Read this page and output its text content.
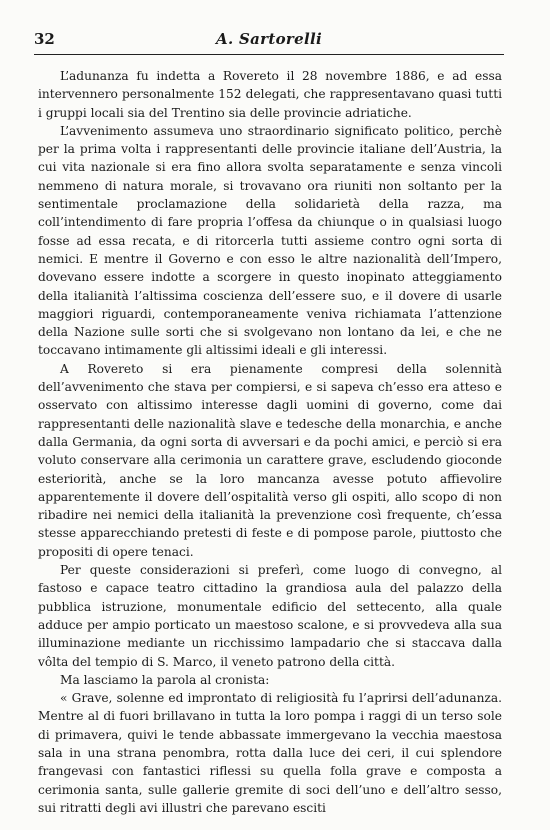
32	A. Sartorelli

L’adunanza fu indetta a Rovereto il 28 novembre 1886, e ad essa intervennero personalmente 152 delegati, che rappresentavano quasi tutti i gruppi locali sia del Trentino sia delle provincie adriatiche.

L’avvenimento assumeva uno straordinario significato politico, perchè per la prima volta i rappresentanti delle provincie italiane dell’Austria, la cui vita nazionale si era fino allora svolta separatamente e senza vincoli nemmeno di natura morale, si trovavano ora riuniti non soltanto per la sentimentale proclamazione della solidarietà della razza, ma coll’intendimento di fare propria l’offesa da chiunque o in qualsiasi luogo fosse ad essa recata, e di ritorcerla tutti assieme contro ogni sorta di nemici. E mentre il Governo e con esso le altre nazionalità dell’Impero, dovevano essere indotte a scorgere in questo inopinato atteggiamento della italianità l’altissima coscienza dell’essere suo, e il dovere di usarle maggiori riguardi, contemporaneamente veniva richiamata l’attenzione della Nazione sulle sorti che si svolgevano non lontano da lei, e che ne toccavano intimamente gli altissimi ideali e gli interessi.

A Rovereto si era pienamente compresi della solennità dell’avvenimento che stava per compiersi, e si sapeva ch’esso era atteso e osservato con altissimo interesse dagli uomini di governo, come dai rappresentanti delle nazionalità slave e tedesche della monarchia, e anche dalla Germania, da ogni sorta di avversari e da pochi amici, e perciò si era voluto conservare alla cerimonia un carattere grave, escludendo gioconde esteriorità, anche se la loro mancanza avesse potuto affievolire apparentemente il dovere dell’ospitalità verso gli ospiti, allo scopo di non ribadire nei nemici della italianità la prevenzione così frequente, ch’essa stesse apparecchiando pretesti di feste e di pompose parole, piuttosto che propositi di opere tenaci.

Per queste considerazioni si preferì, come luogo di convegno, al fastoso e capace teatro cittadino la grandiosa aula del palazzo della pubblica istruzione, monumentale edificio del settecento, alla quale adduce per ampio porticato un maestoso scalone, e si provvedeva alla sua illuminazione mediante un ricchissimo lampadario che si staccava dalla vôlta del tempio di S. Marco, il veneto patrono della città.

Ma lasciamo la parola al cronista:

« Grave, solenne ed improntato di religiosità fu l’aprirsi dell’adunanza. Mentre al di fuori brillavano in tutta la loro pompa i raggi di un terso sole di primavera, quivi le tende abbassate immergevano la vecchia maestosa sala in una strana penombra, rotta dalla luce dei ceri, il cui splendore frangevasi con fantastici riflessi su quella folla grave e composta a cerimonia santa, sulle gallerie gremite di soci dell’uno e dell’altro sesso, sui ritratti degli avi illustri che parevano esciti
